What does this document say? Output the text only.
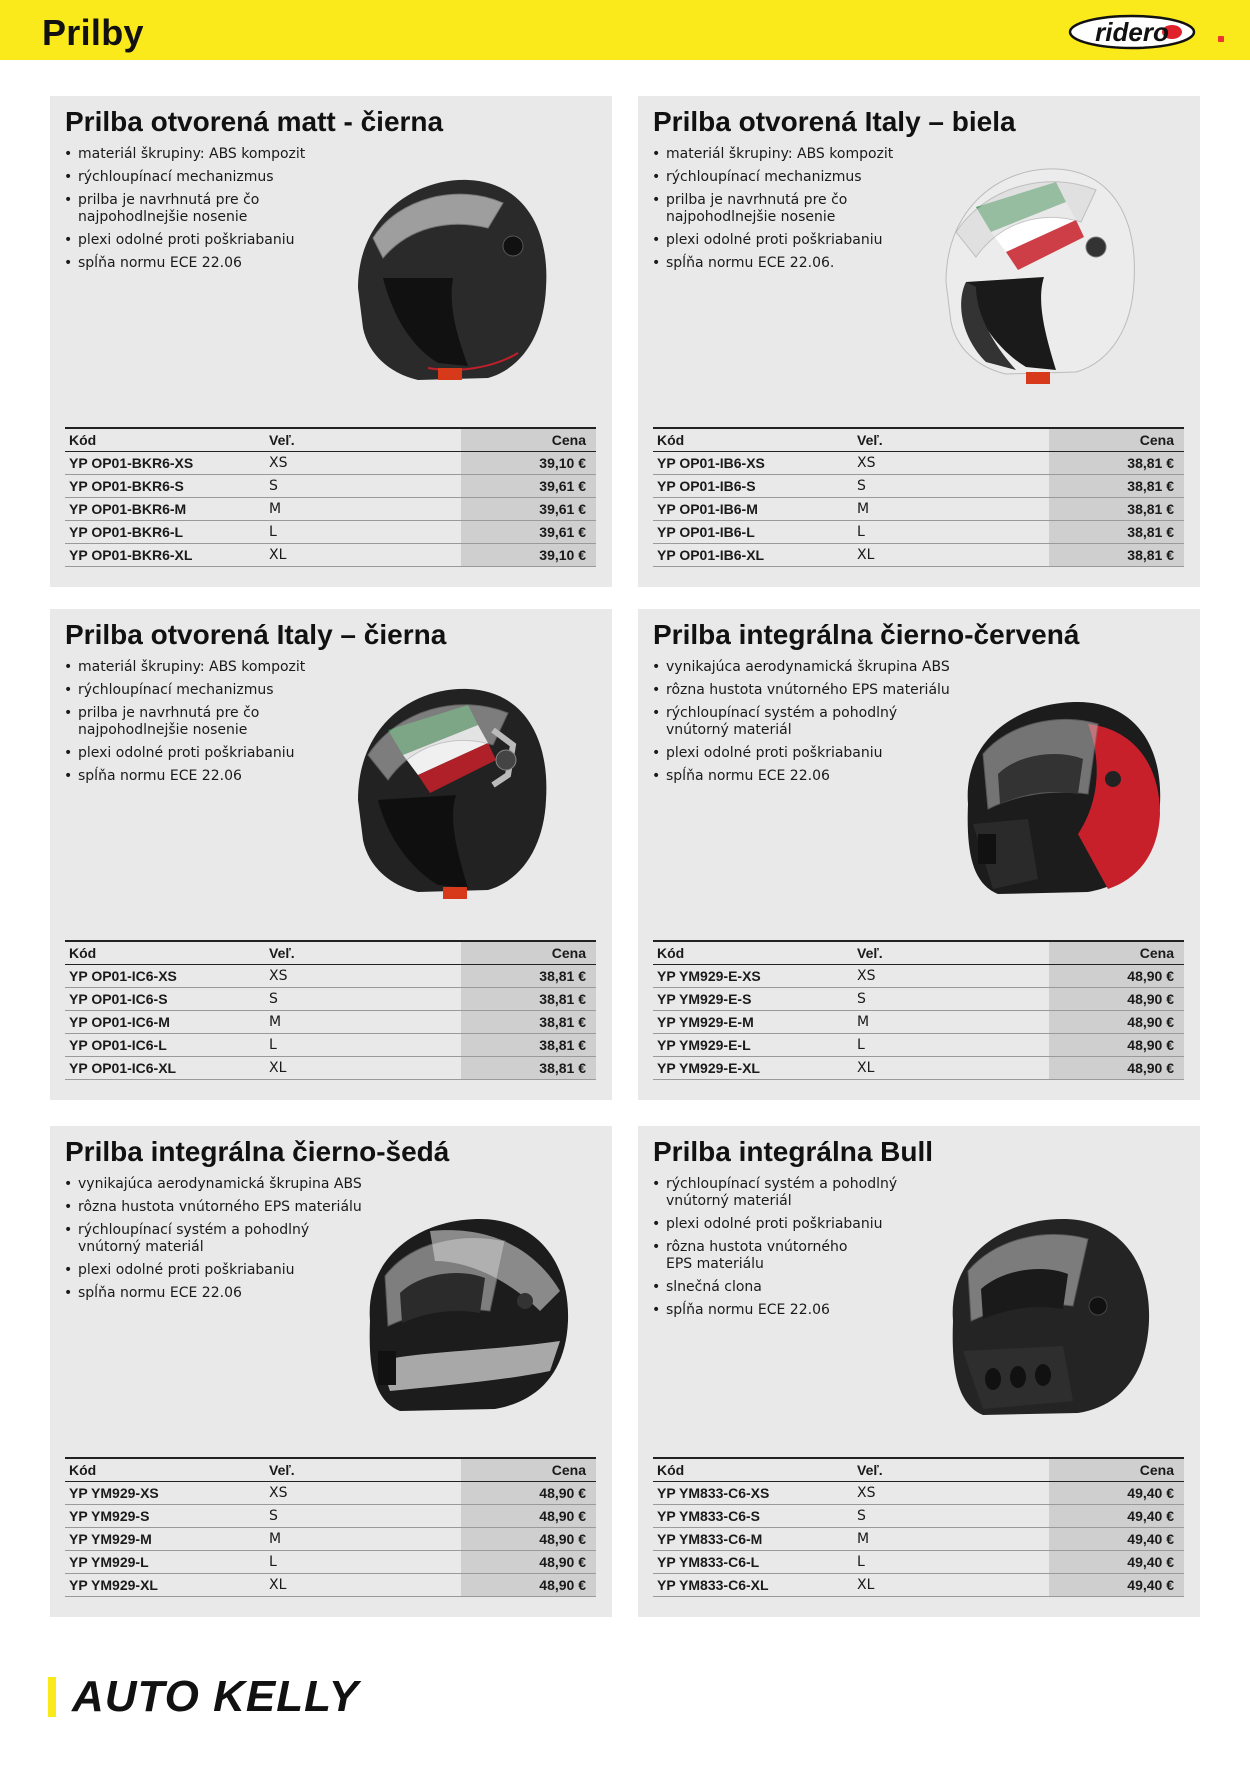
Prilby	ridero
Prilba otvorená matt - čierna
• materiál škrupiny: ABS kompozit
• rýchloupínací mechanizmus
• prilba je navrhnutá pre čo najpohodlnejšie nosenie
• plexi odolné proti poškriabaniu
• spĺňa normu ECE 22.06
Kód	Veľ.	Cena
YP OP01-BKR6-XS	XS	39,10 €
YP OP01-BKR6-S	S	39,61 €
YP OP01-BKR6-M	M	39,61 €
YP OP01-BKR6-L	L	39,61 €
YP OP01-BKR6-XL	XL	39,10 €
Prilba otvorená Italy – biela
• materiál škrupiny: ABS kompozit
• rýchloupínací mechanizmus
• prilba je navrhnutá pre čo najpohodlnejšie nosenie
• plexi odolné proti poškriabaniu
• spĺňa normu ECE 22.06.
Kód	Veľ.	Cena
YP OP01-IB6-XS	XS	38,81 €
YP OP01-IB6-S	S	38,81 €
YP OP01-IB6-M	M	38,81 €
YP OP01-IB6-L	L	38,81 €
YP OP01-IB6-XL	XL	38,81 €
Prilba otvorená Italy – čierna
• materiál škrupiny: ABS kompozit
• rýchloupínací mechanizmus
• prilba je navrhnutá pre čo najpohodlnejšie nosenie
• plexi odolné proti poškriabaniu
• spĺňa normu ECE 22.06
Kód	Veľ.	Cena
YP OP01-IC6-XS	XS	38,81 €
YP OP01-IC6-S	S	38,81 €
YP OP01-IC6-M	M	38,81 €
YP OP01-IC6-L	L	38,81 €
YP OP01-IC6-XL	XL	38,81 €
Prilba integrálna čierno-červená
• vynikajúca aerodynamická škrupina ABS
• rôzna hustota vnútorného EPS materiálu
• rýchloupínací systém a pohodlný vnútorný materiál
• plexi odolné proti poškriabaniu
• spĺňa normu ECE 22.06
Kód	Veľ.	Cena
YP YM929-E-XS	XS	48,90 €
YP YM929-E-S	S	48,90 €
YP YM929-E-M	M	48,90 €
YP YM929-E-L	L	48,90 €
YP YM929-E-XL	XL	48,90 €
Prilba integrálna čierno-šedá
• vynikajúca aerodynamická škrupina ABS
• rôzna hustota vnútorného EPS materiálu
• rýchloupínací systém a pohodlný vnútorný materiál
• plexi odolné proti poškriabaniu
• spĺňa normu ECE 22.06
Kód	Veľ.	Cena
YP YM929-XS	XS	48,90 €
YP YM929-S	S	48,90 €
YP YM929-M	M	48,90 €
YP YM929-L	L	48,90 €
YP YM929-XL	XL	48,90 €
Prilba integrálna Bull
• rýchloupínací systém a pohodlný vnútorný materiál
• plexi odolné proti poškriabaniu
• rôzna hustota vnútorného EPS materiálu
• slnečná clona
• spĺňa normu ECE 22.06
Kód	Veľ.	Cena
YP YM833-C6-XS	XS	49,40 €
YP YM833-C6-S	S	49,40 €
YP YM833-C6-M	M	49,40 €
YP YM833-C6-L	L	49,40 €
YP YM833-C6-XL	XL	49,40 €
AUTO KELLY
